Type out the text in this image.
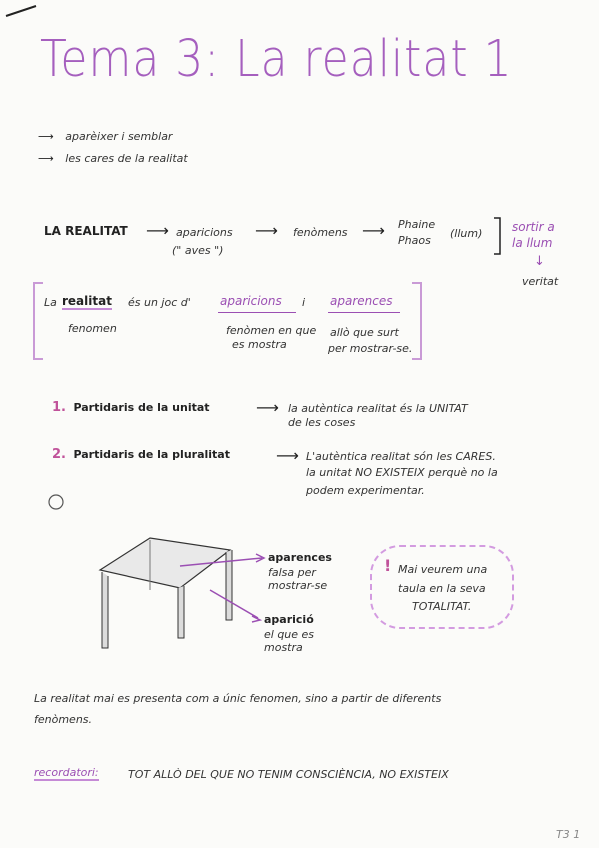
Tema 3: La realitat 1
⟶ aparèixer i semblar
⟶ les cares de la realitat
LA REALITAT ⟶ aparicions
(" aves ")
⟶ fenòmens ⟶ Phaine
Phaos
(llum) sortir a
la llum
↓
veritat
La realitat és un joc d' aparicions i aparences
fenomen	fenòmen en que
es mostra
allò que surt
per mostrar-se.
1. Partidaris de la unitat	⟶ la autèntica realitat és la UNITAT
de les coses
2. Partidaris de la pluralitat	⟶ L'autèntica realitat són les CARES.
la unitat NO EXISTEIX perquè no la
podem experimentar.
aparences
falsa per
mostrar-se
aparició
el que es
mostra
! Mai veurem una
taula en la seva
TOTALITAT.
La realitat mai es presenta com a únic fenomen, sino a partir de diferents
fenòmens.
recordatori:	TOT ALLÒ DEL QUE NO TENIM CONSCIÈNCIA, NO EXISTEIX
T3 1
